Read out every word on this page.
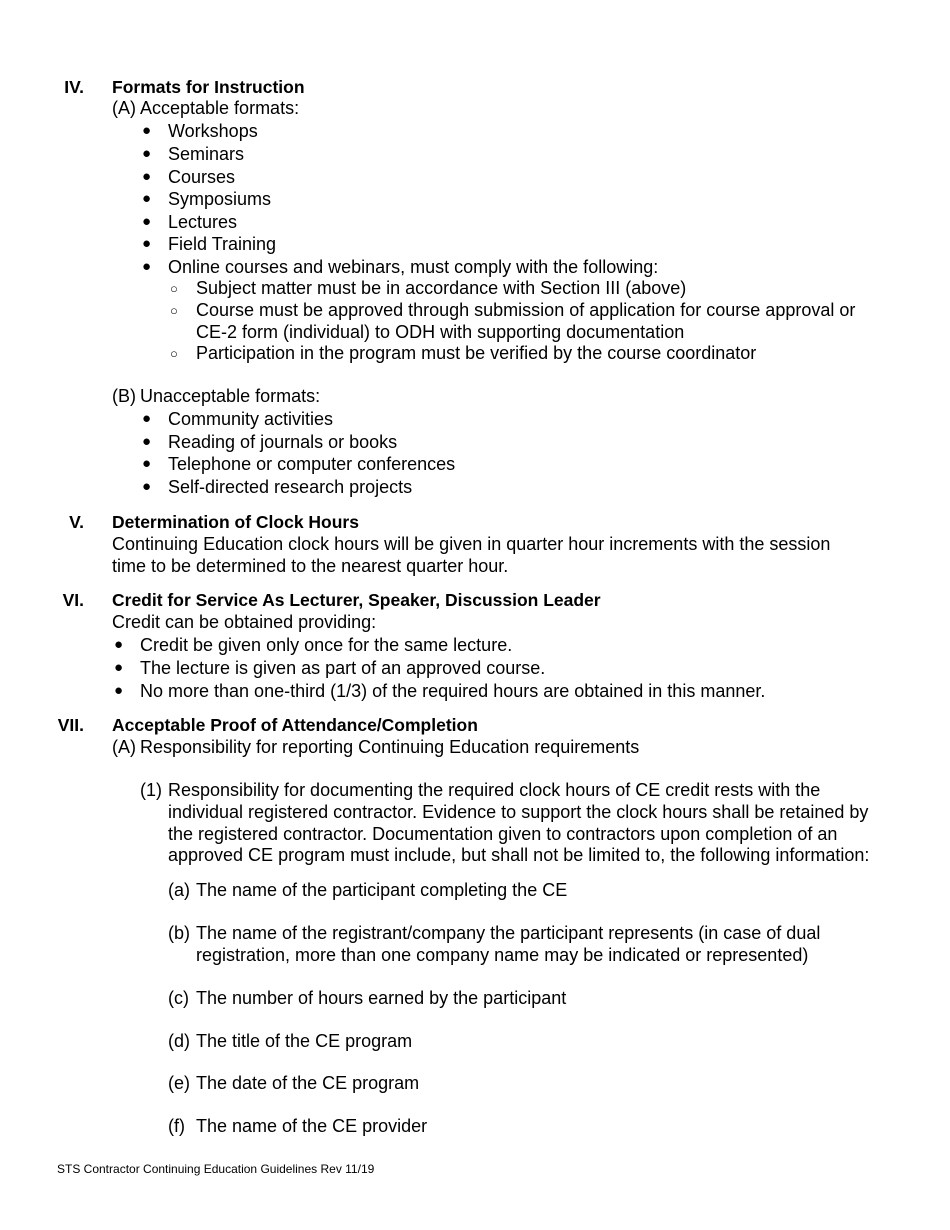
IV. Formats for Instruction
(A) Acceptable formats:
● Workshops
● Seminars
● Courses
● Symposiums
● Lectures
● Field Training
● Online courses and webinars, must comply with the following:
○ Subject matter must be in accordance with Section III (above)
○ Course must be approved through submission of application for course approval or
CE-2 form (individual) to ODH with supporting documentation
○ Participation in the program must be verified by the course coordinator
(B) Unacceptable formats:
● Community activities
● Reading of journals or books
● Telephone or computer conferences
● Self-directed research projects
V. Determination of Clock Hours
Continuing Education clock hours will be given in quarter hour increments with the session
time to be determined to the nearest quarter hour.
VI. Credit for Service As Lecturer, Speaker, Discussion Leader
Credit can be obtained providing:
● Credit be given only once for the same lecture.
● The lecture is given as part of an approved course.
● No more than one-third (1/3) of the required hours are obtained in this manner.
VII. Acceptable Proof of Attendance/Completion
(A) Responsibility for reporting Continuing Education requirements
(1) Responsibility for documenting the required clock hours of CE credit rests with the
individual registered contractor. Evidence to support the clock hours shall be retained by
the registered contractor. Documentation given to contractors upon completion of an
approved CE program must include, but shall not be limited to, the following information:
(a) The name of the participant completing the CE
(b) The name of the registrant/company the participant represents (in case of dual
registration, more than one company name may be indicated or represented)
(c) The number of hours earned by the participant
(d) The title of the CE program
(e) The date of the CE program
(f) The name of the CE provider
STS Contractor Continuing Education Guidelines Rev 11/19
